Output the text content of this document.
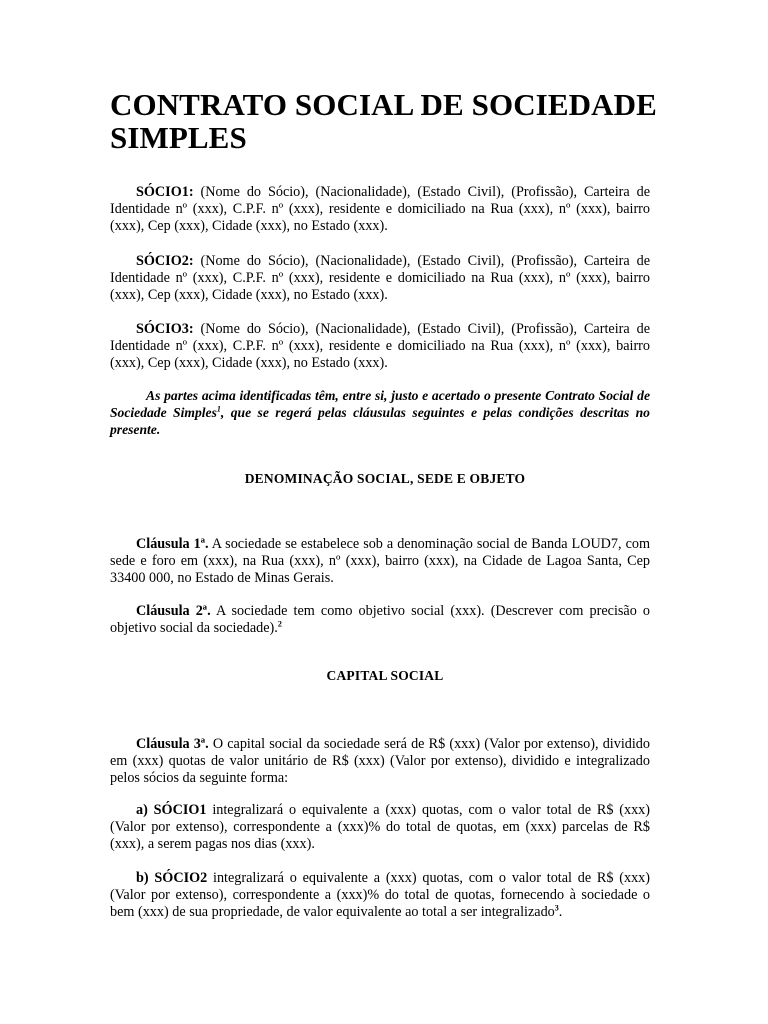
CONTRATO SOCIAL DE SOCIEDADE SIMPLES

SÓCIO1: (Nome do Sócio), (Nacionalidade), (Estado Civil), (Profissão), Carteira de Identidade nº (xxx), C.P.F. nº (xxx), residente e domiciliado na Rua (xxx), nº (xxx), bairro (xxx), Cep (xxx), Cidade (xxx), no Estado (xxx).

SÓCIO2: (Nome do Sócio), (Nacionalidade), (Estado Civil), (Profissão), Carteira de Identidade nº (xxx), C.P.F. nº (xxx), residente e domiciliado na Rua (xxx), nº (xxx), bairro (xxx), Cep (xxx), Cidade (xxx), no Estado (xxx).

SÓCIO3: (Nome do Sócio), (Nacionalidade), (Estado Civil), (Profissão), Carteira de Identidade nº (xxx), C.P.F. nº (xxx), residente e domiciliado na Rua (xxx), nº (xxx), bairro (xxx), Cep (xxx), Cidade (xxx), no Estado (xxx).

As partes acima identificadas têm, entre si, justo e acertado o presente Contrato Social de Sociedade Simples$^1$, que se regerá pelas cláusulas seguintes e pelas condições descritas no presente.

DENOMINAÇÃO SOCIAL, SEDE E OBJETO

Cláusula 1ª. A sociedade se estabelece sob a denominação social de Banda LOUD7, com sede e foro em (xxx), na Rua (xxx), nº (xxx), bairro (xxx), na Cidade de Lagoa Santa, Cep 33400 000, no Estado de Minas Gerais.

Cláusula 2ª. A sociedade tem como objetivo social (xxx). (Descrever com precisão o objetivo social da sociedade).$^2$

CAPITAL SOCIAL

Cláusula 3ª. O capital social da sociedade será de R$ (xxx) (Valor por extenso), dividido em (xxx) quotas de valor unitário de R$ (xxx) (Valor por extenso), dividido e integralizado pelos sócios da seguinte forma:

a) SÓCIO1 integralizará o equivalente a (xxx) quotas, com o valor total de R$ (xxx) (Valor por extenso), correspondente a (xxx)% do total de quotas, em (xxx) parcelas de R$ (xxx), a serem pagas nos dias (xxx).

b) SÓCIO2 integralizará o equivalente a (xxx) quotas, com o valor total de R$ (xxx) (Valor por extenso), correspondente a (xxx)% do total de quotas, fornecendo à sociedade o bem (xxx) de sua propriedade, de valor equivalente ao total a ser integralizado$^3$.
